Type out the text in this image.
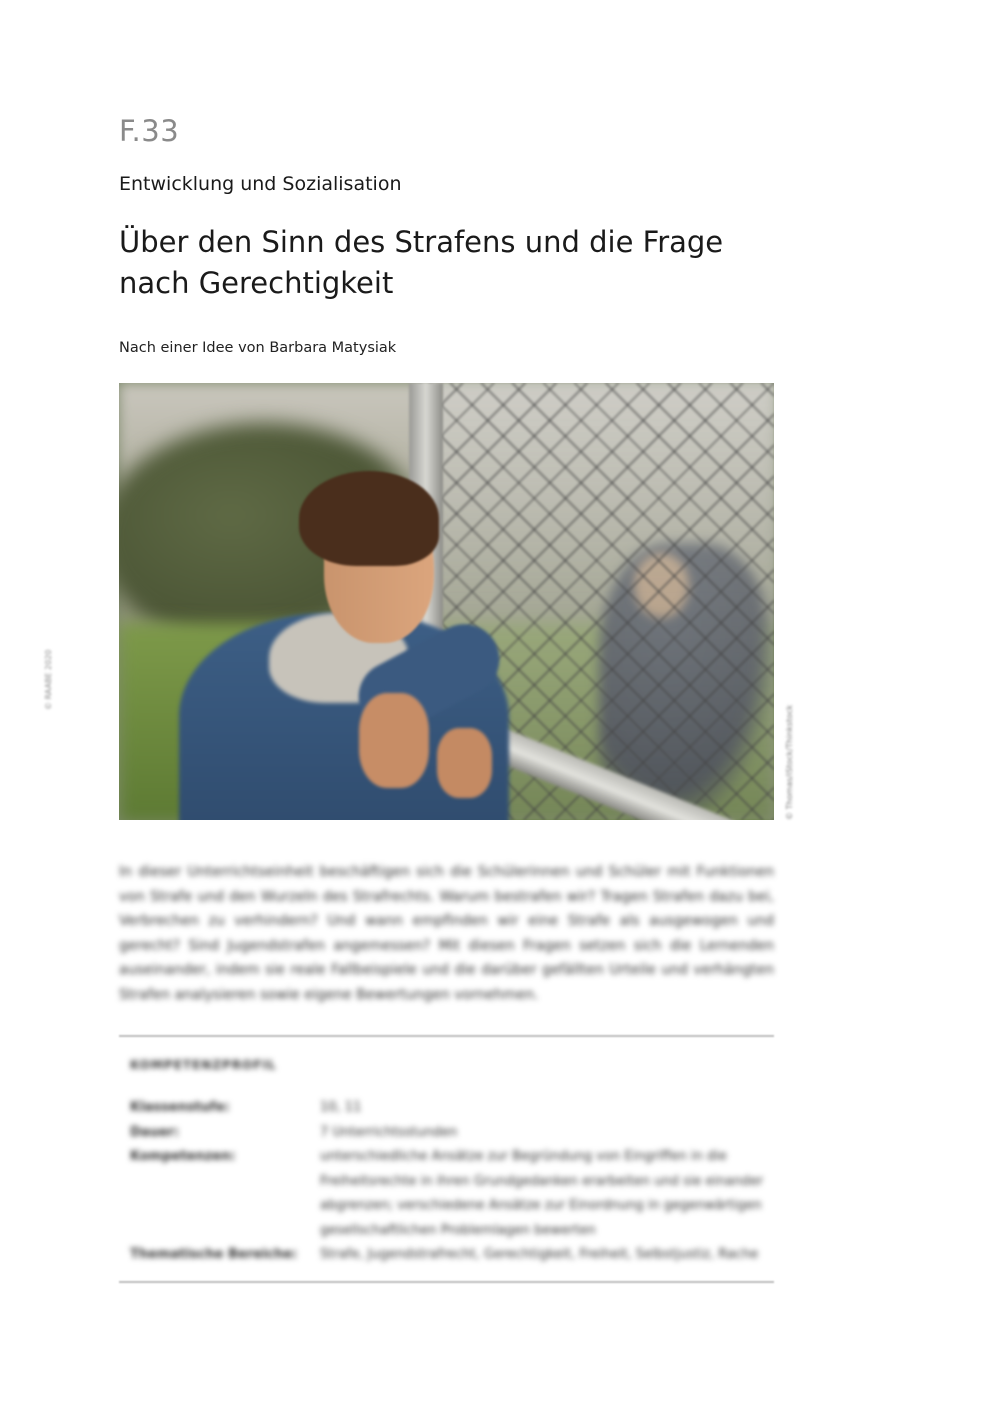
F.33
Entwicklung und Sozialisation
Über den Sinn des Strafens und die Frage nach Gerechtigkeit
Nach einer Idee von Barbara Matysiak
© Thomas/iStock/Thinkstock
© RAABE 2020
In dieser Unterrichtseinheit beschäftigen sich die Schülerinnen und Schüler mit Funktionen von Strafe und den Wurzeln des Strafrechts. Warum bestrafen wir? Tragen Strafen dazu bei, Verbrechen zu verhindern? Und wann empfinden wir eine Strafe als ausgewogen und gerecht? Sind Jugendstrafen angemessen? Mit diesen Fragen setzen sich die Lernenden auseinander, indem sie reale Fallbeispiele und die darüber gefällten Urteile und verhängten Strafen analysieren sowie eigene Bewertungen vornehmen.
KOMPETENZPROFIL
Klassenstufe:	10, 11
Dauer:	7 Unterrichtsstunden
Kompetenzen:	unterschiedliche Ansätze zur Begründung von Eingriffen in die Freiheitsrechte in ihren Grundgedanken erarbeiten und sie einander abgrenzen; verschiedene Ansätze zur Einordnung in gegenwärtigen gesellschaftlichen Problemlagen bewerten
Thematische Bereiche:	Strafe, Jugendstrafrecht, Gerechtigkeit, Freiheit, Selbstjustiz, Rache
